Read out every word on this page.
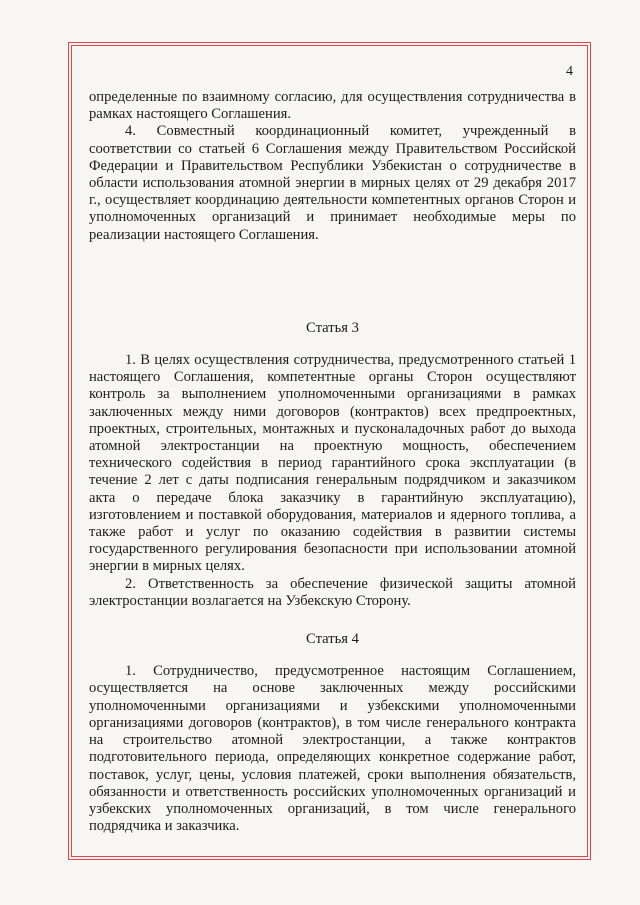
4

определенные по взаимному согласию, для осуществления сотрудничества в рамках настоящего Соглашения.

4. Совместный координационный комитет, учрежденный в соответствии со статьей 6 Соглашения между Правительством Российской Федерации и Правительством Республики Узбекистан о сотрудничестве в области использования атомной энергии в мирных целях от 29 декабря 2017 г., осуществляет координацию деятельности компетентных органов Сторон и уполномоченных организаций и принимает необходимые меры по реализации настоящего Соглашения.

Статья 3

1. В целях осуществления сотрудничества, предусмотренного статьей 1 настоящего Соглашения, компетентные органы Сторон осуществляют контроль за выполнением уполномоченными организациями в рамках заключенных между ними договоров (контрактов) всех предпроектных, проектных, строительных, монтажных и пусконаладочных работ до выхода атомной электростанции на проектную мощность, обеспечением технического содействия в период гарантийного срока эксплуатации (в течение 2 лет с даты подписания генеральным подрядчиком и заказчиком акта о передаче блока заказчику в гарантийную эксплуатацию), изготовлением и поставкой оборудования, материалов и ядерного топлива, а также работ и услуг по оказанию содействия в развитии системы государственного регулирования безопасности при использовании атомной энергии в мирных целях.

2. Ответственность за обеспечение физической защиты атомной электростанции возлагается на Узбекскую Сторону.

Статья 4

1. Сотрудничество, предусмотренное настоящим Соглашением, осуществляется на основе заключенных между российскими уполномоченными организациями и узбекскими уполномоченными организациями договоров (контрактов), в том числе генерального контракта на строительство атомной электростанции, а также контрактов подготовительного периода, определяющих конкретное содержание работ, поставок, услуг, цены, условия платежей, сроки выполнения обязательств, обязанности и ответственность российских уполномоченных организаций и узбекских уполномоченных организаций, в том числе генерального подрядчика и заказчика.
